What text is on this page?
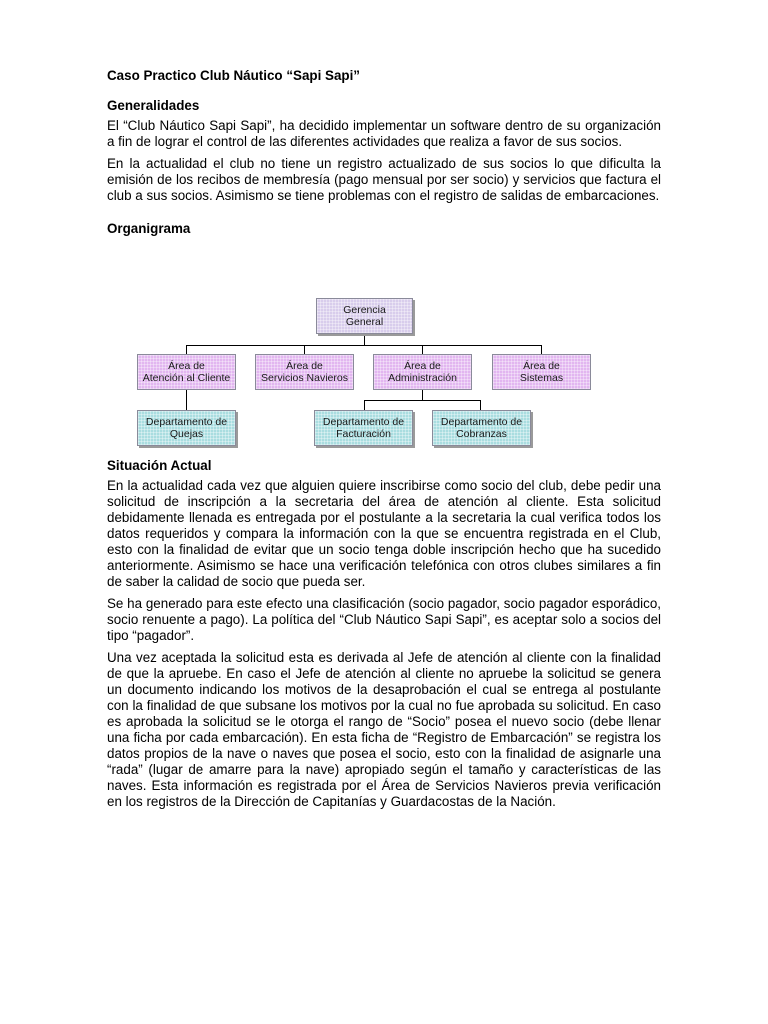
Caso Practico Club Náutico “Sapi Sapi”
Generalidades

El “Club Náutico Sapi Sapi”, ha decidido implementar un software dentro de su organización a fin de lograr el control de las diferentes actividades que realiza a favor de sus socios.

En la actualidad el club no tiene un registro actualizado de sus socios lo que dificulta la emisión de los recibos de membresía (pago mensual por ser socio) y servicios que factura el club a sus socios. Asimismo se tiene problemas con el registro de salidas de embarcaciones.

Organigrama
Situación Actual

En la actualidad cada vez que alguien quiere inscribirse como socio del club, debe pedir una solicitud de inscripción a la secretaria del área de atención al cliente. Esta solicitud debidamente llenada es entregada por el postulante a la secretaria la cual verifica todos los datos requeridos y compara la información con la que se encuentra registrada en el Club, esto con la finalidad de evitar que un socio tenga doble inscripción hecho que ha sucedido anteriormente. Asimismo se hace una verificación telefónica con otros clubes similares a fin de saber la calidad de socio que pueda ser.

Se ha generado para este efecto una clasificación (socio pagador, socio pagador esporádico, socio renuente a pago). La política del “Club Náutico Sapi Sapi”, es aceptar solo a socios del tipo “pagador”.

Una vez aceptada la solicitud esta es derivada al Jefe de atención al cliente con la finalidad de que la apruebe. En caso el Jefe de atención al cliente no apruebe la solicitud se genera un documento indicando los motivos de la desaprobación el cual se entrega al postulante con la finalidad de que subsane los motivos por la cual no fue aprobada su solicitud. En caso es aprobada la solicitud se le otorga el rango de “Socio” posea el nuevo socio (debe llenar una ficha por cada embarcación). En esta ficha de “Registro de Embarcación” se registra los datos propios de la nave o naves que posea el socio, esto con la finalidad de asignarle una “rada” (lugar de amarre para la nave) apropiado según el tamaño y características de las naves. Esta información es registrada por el Área de Servicios Navieros previa verificación en los registros de la Dirección de Capitanías y Guardacostas de la Nación.

Gerencia
General
Área de
Atención al Cliente
Área de
Servicios Navieros
Área de
Administración
Área de
Sistemas
Departamento de
Quejas
Departamento de
Facturación
Departamento de
Cobranzas
